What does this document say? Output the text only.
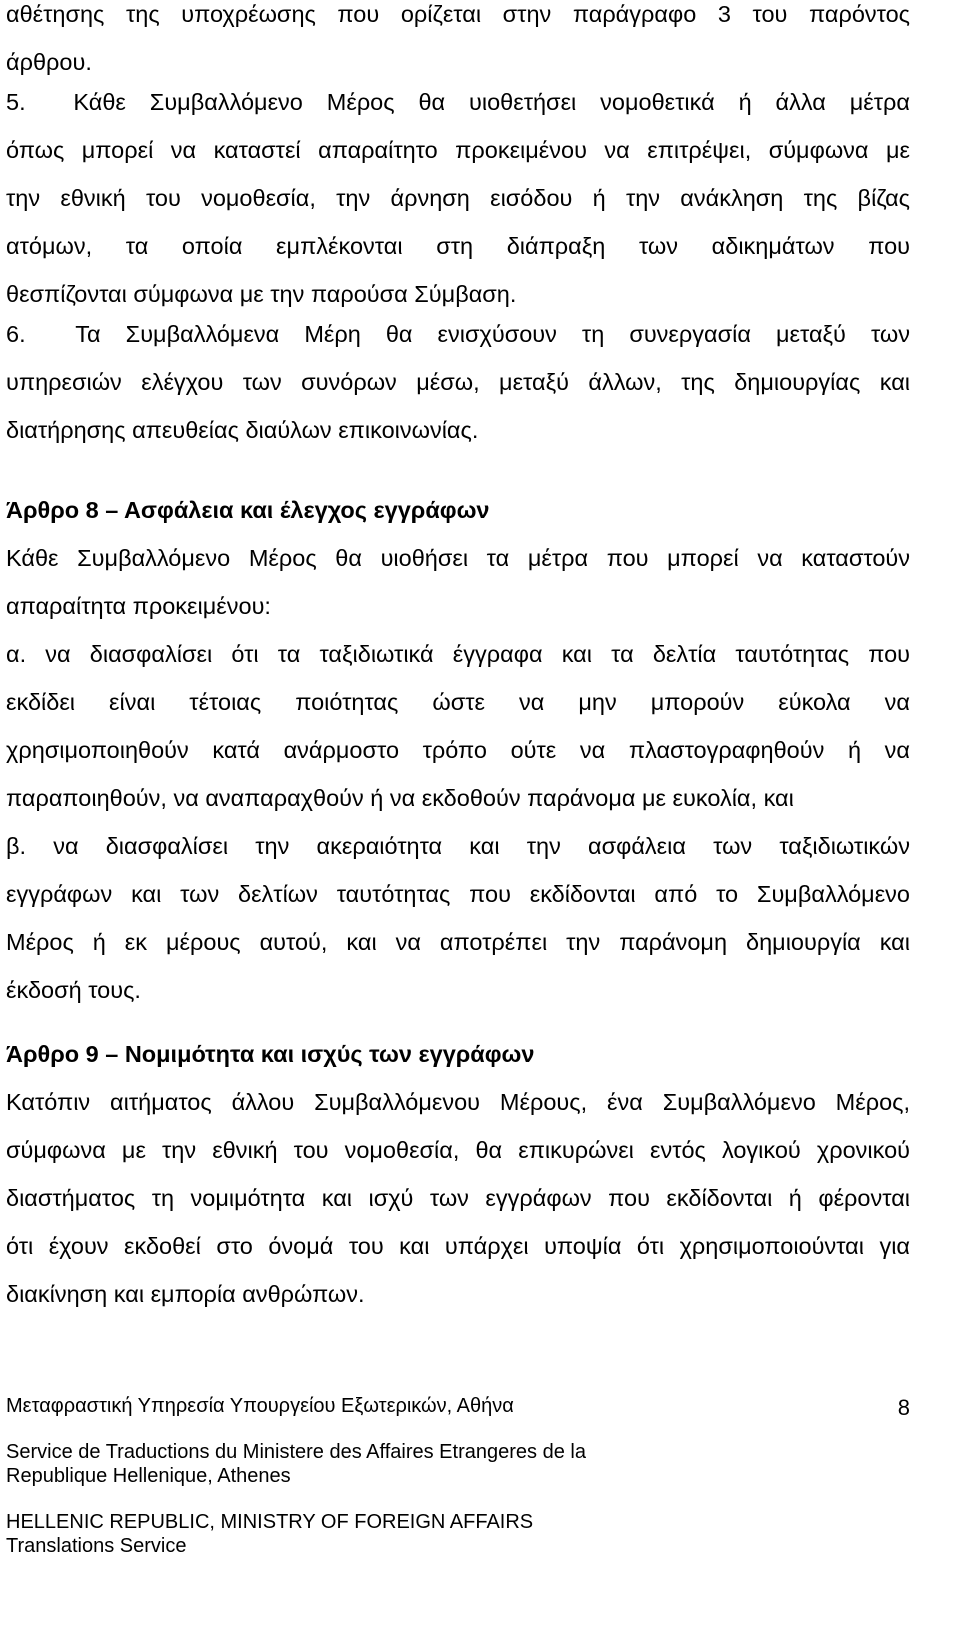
αθέτησης της υποχρέωσης που ορίζεται στην παράγραφο 3 του παρόντος
άρθρου.
5.  Κάθε Συμβαλλόμενο Μέρος θα υιοθετήσει νομοθετικά ή άλλα μέτρα
όπως μπορεί να καταστεί απαραίτητο προκειμένου να επιτρέψει, σύμφωνα με
την εθνική του νομοθεσία, την άρνηση εισόδου ή την ανάκληση της βίζας
ατόμων, τα οποία εμπλέκονται στη διάπραξη των αδικημάτων που
θεσπίζονται σύμφωνα με την παρούσα Σύμβαση.
6.  Τα Συμβαλλόμενα Μέρη θα ενισχύσουν τη συνεργασία μεταξύ των
υπηρεσιών ελέγχου των συνόρων μέσω, μεταξύ άλλων, της δημιουργίας και
διατήρησης απευθείας διαύλων επικοινωνίας.
Άρθρο 8 – Ασφάλεια και έλεγχος εγγράφων
Κάθε Συμβαλλόμενο Μέρος θα υιοθήσει τα μέτρα που μπορεί να καταστούν
απαραίτητα προκειμένου:
α. να διασφαλίσει ότι τα ταξιδιωτικά έγγραφα και τα δελτία ταυτότητας που
εκδίδει είναι τέτοιας ποιότητας ώστε να μην μπορούν εύκολα να
χρησιμοποιηθούν κατά ανάρμοστο τρόπο ούτε να πλαστογραφηθούν ή να
παραποιηθούν, να αναπαραχθούν ή να εκδοθούν παράνομα με ευκολία, και
β. να διασφαλίσει την ακεραιότητα και την ασφάλεια των ταξιδιωτικών
εγγράφων και των δελτίων ταυτότητας που εκδίδονται από το Συμβαλλόμενο
Μέρος ή εκ μέρους αυτού, και να αποτρέπει την παράνομη δημιουργία και
έκδοσή τους.
Άρθρο 9 – Νομιμότητα και ισχύς των εγγράφων
Κατόπιν αιτήματος άλλου Συμβαλλόμενου Μέρους, ένα Συμβαλλόμενο Μέρος,
σύμφωνα με την εθνική του νομοθεσία, θα επικυρώνει εντός λογικού χρονικού
διαστήματος τη νομιμότητα και ισχύ των εγγράφων που εκδίδονται ή φέρονται
ότι έχουν εκδοθεί στο όνομά του και υπάρχει υποψία ότι χρησιμοποιούνται για
διακίνηση και εμπορία ανθρώπων.
Μεταφραστική Υπηρεσία Υπουργείου Εξωτερικών, Αθήνα	8
Service de Traductions du Ministere des Affaires Etrangeres de la
Republique Hellenique, Athenes
HELLENIC REPUBLIC, MINISTRY OF FOREIGN AFFAIRS
Translations Service
